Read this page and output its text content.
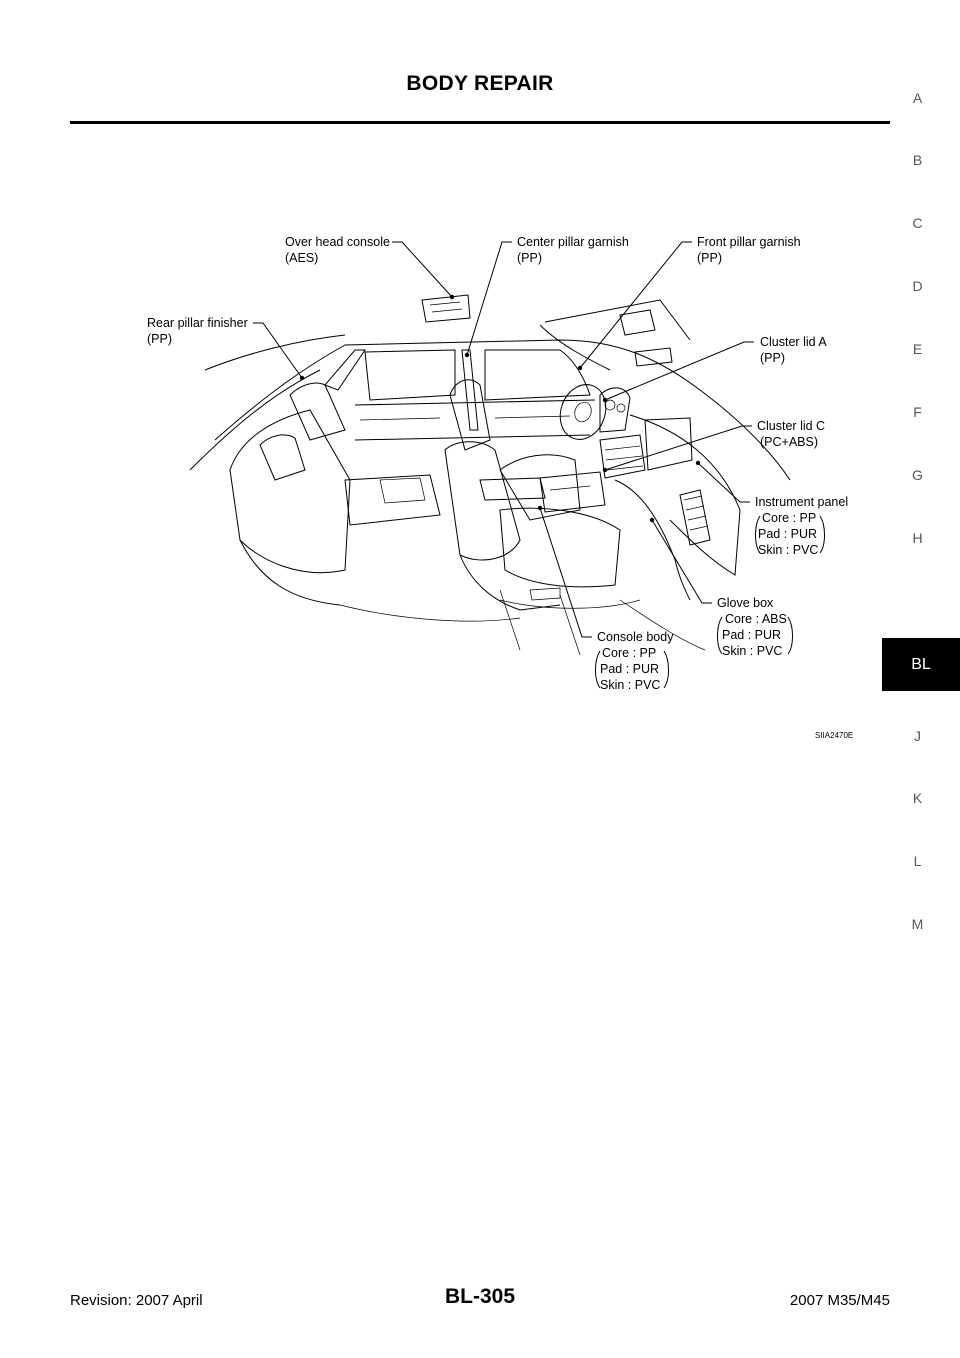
BODY REPAIR
A
B
C
D
E
F
G
H
BL
J
K
L
M
Over head console
(AES)
Center pillar garnish
(PP)
Front pillar garnish
(PP)
Rear pillar finisher
(PP)	Cluster lid A
(PP)
Cluster lid C
(PC+ABS)
Instrument panel
Core : PP
Pad : PUR
Skin : PVC
Glove box
Core : ABS
Pad : PUR
Skin : PVC
Console body
Core : PP
Pad : PUR
Skin : PVC
SIIA2470E
Revision: 2007 April	BL-305	2007 M35/M45
